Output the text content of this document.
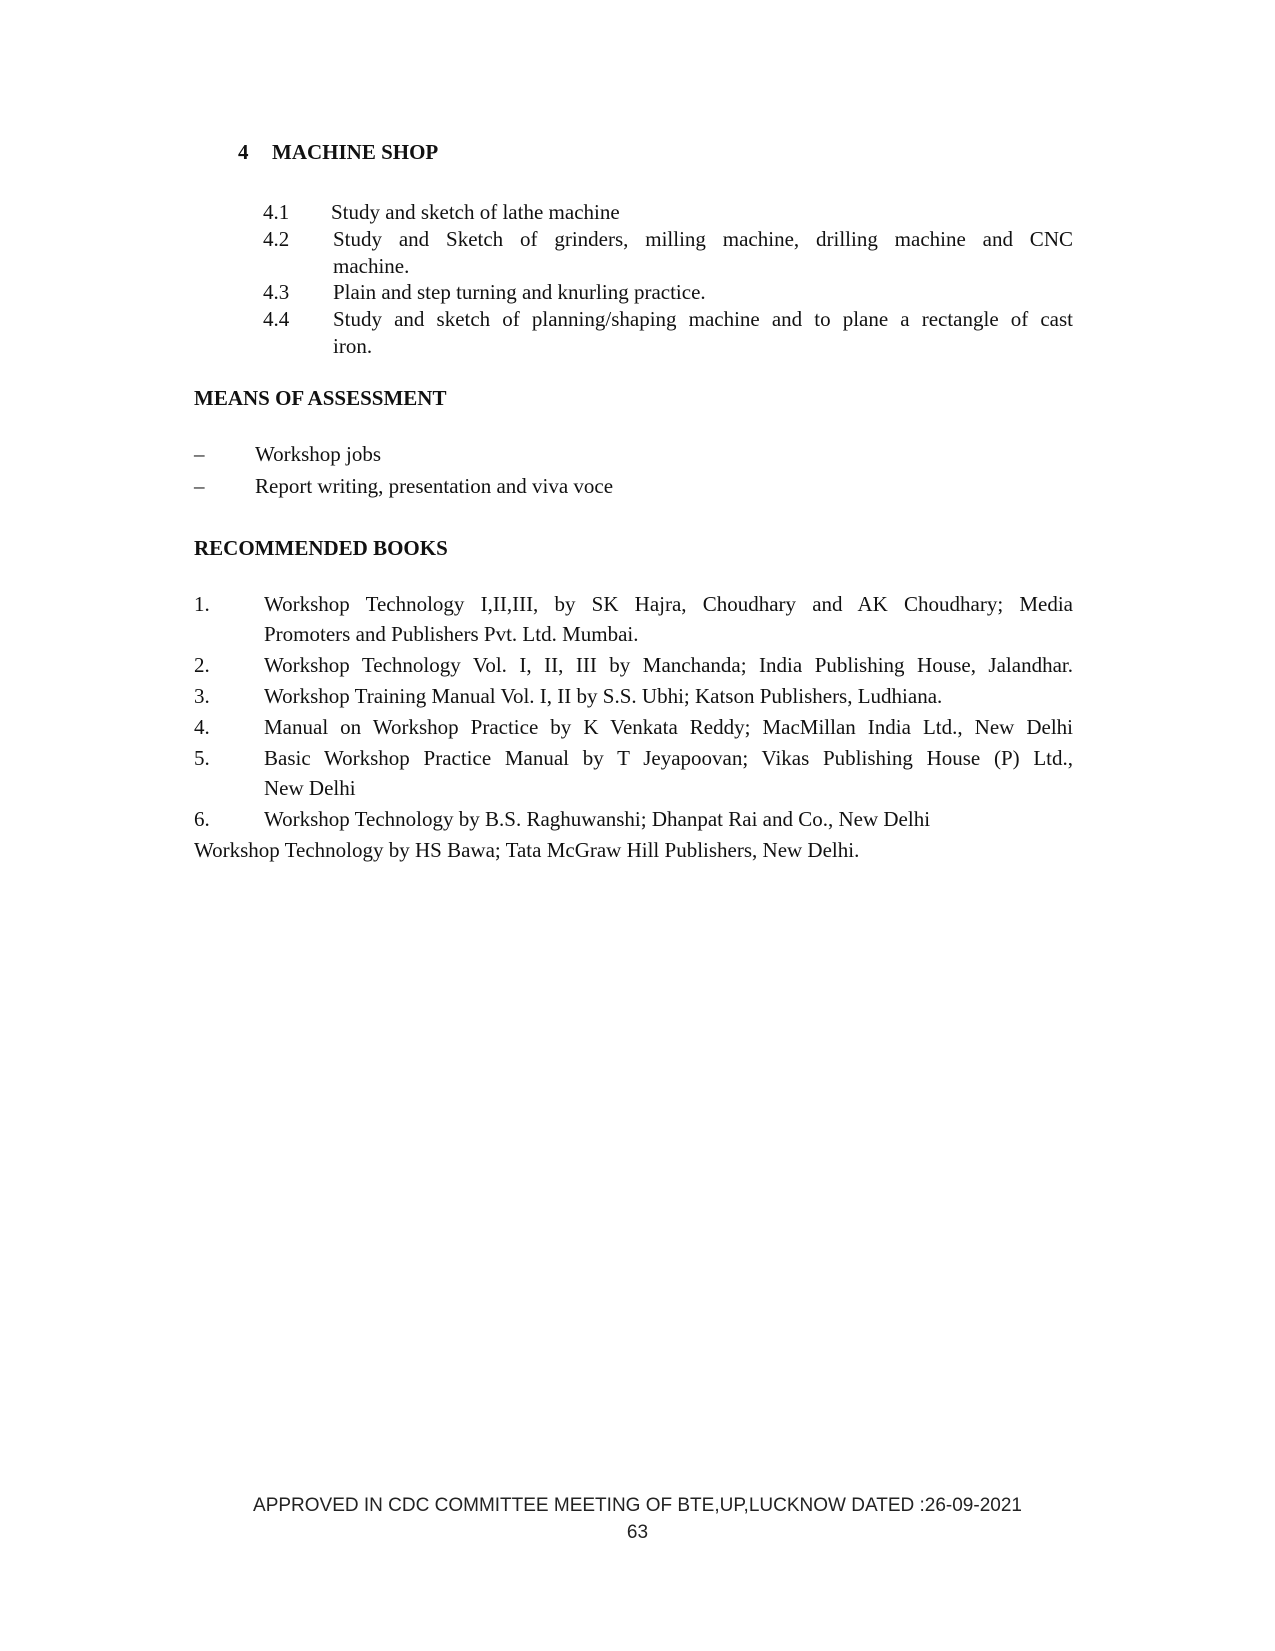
4 MACHINE SHOP
4.1 Study and sketch of lathe machine
4.2 Study and Sketch of grinders, milling machine, drilling machine and CNC
machine.
4.3 Plain and step turning and knurling practice.
4.4 Study and sketch of planning/shaping machine and to plane a rectangle of cast
iron.
MEANS OF ASSESSMENT
– Workshop jobs
– Report writing, presentation and viva voce
RECOMMENDED BOOKS
1.	Workshop Technology I,II,III, by SK Hajra, Choudhary and AK Choudhary; Media
Promoters and Publishers Pvt. Ltd. Mumbai.
2.	Workshop Technology Vol. I, II, III by Manchanda; India Publishing House, Jalandhar.
3.	Workshop Training Manual Vol. I, II by S.S. Ubhi; Katson Publishers, Ludhiana.
4.	Manual on Workshop Practice by K Venkata Reddy; MacMillan India Ltd., New Delhi
5.	Basic Workshop Practice Manual by T Jeyapoovan; Vikas Publishing House (P) Ltd.,
New Delhi
6.	Workshop Technology by B.S. Raghuwanshi; Dhanpat Rai and Co., New Delhi
Workshop Technology by HS Bawa; Tata McGraw Hill Publishers, New Delhi.
APPROVED IN CDC COMMITTEE MEETING OF BTE,UP,LUCKNOW DATED :26-09-2021
63
